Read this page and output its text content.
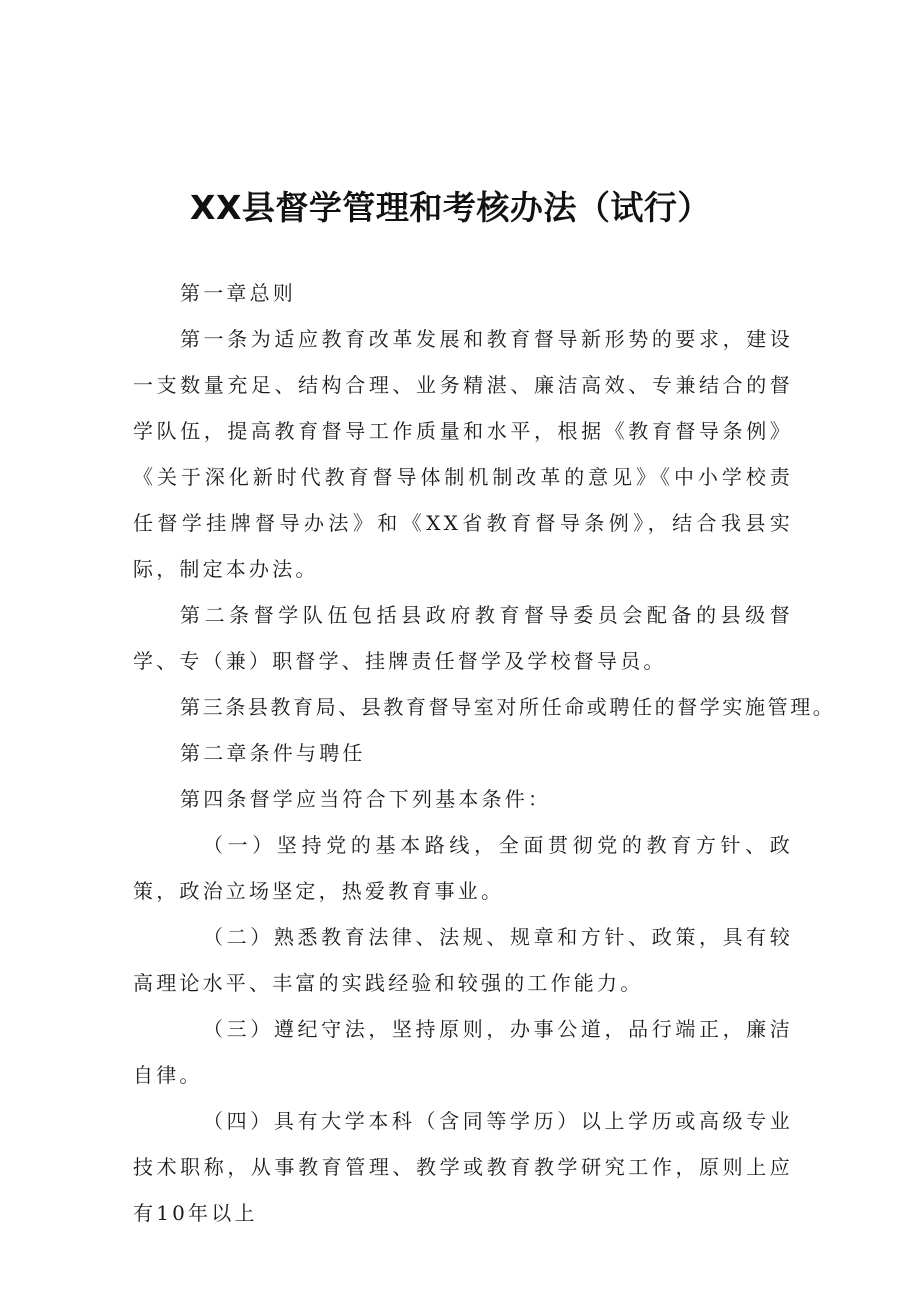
XX县督学管理和考核办法（试行）

第一章总则

第一条为适应教育改革发展和教育督导新形势的要求，建设一支数量充足、结构合理、业务精湛、廉洁高效、专兼结合的督学队伍，提高教育督导工作质量和水平，根据《教育督导条例》《关于深化新时代教育督导体制机制改革的意见》《中小学校责任督学挂牌督导办法》和《XX省教育督导条例》，结合我县实际，制定本办法。

第二条督学队伍包括县政府教育督导委员会配备的县级督学、专（兼）职督学、挂牌责任督学及学校督导员。

第三条县教育局、县教育督导室对所任命或聘任的督学实施管理。

第二章条件与聘任

第四条督学应当符合下列基本条件：

（一）坚持党的基本路线，全面贯彻党的教育方针、政策，政治立场坚定，热爱教育事业。

（二）熟悉教育法律、法规、规章和方针、政策，具有较高理论水平、丰富的实践经验和较强的工作能力。

（三）遵纪守法，坚持原则，办事公道，品行端正，廉洁自律。

（四）具有大学本科（含同等学历）以上学历或高级专业技术职称，从事教育管理、教学或教育教学研究工作，原则上应有10年以上
